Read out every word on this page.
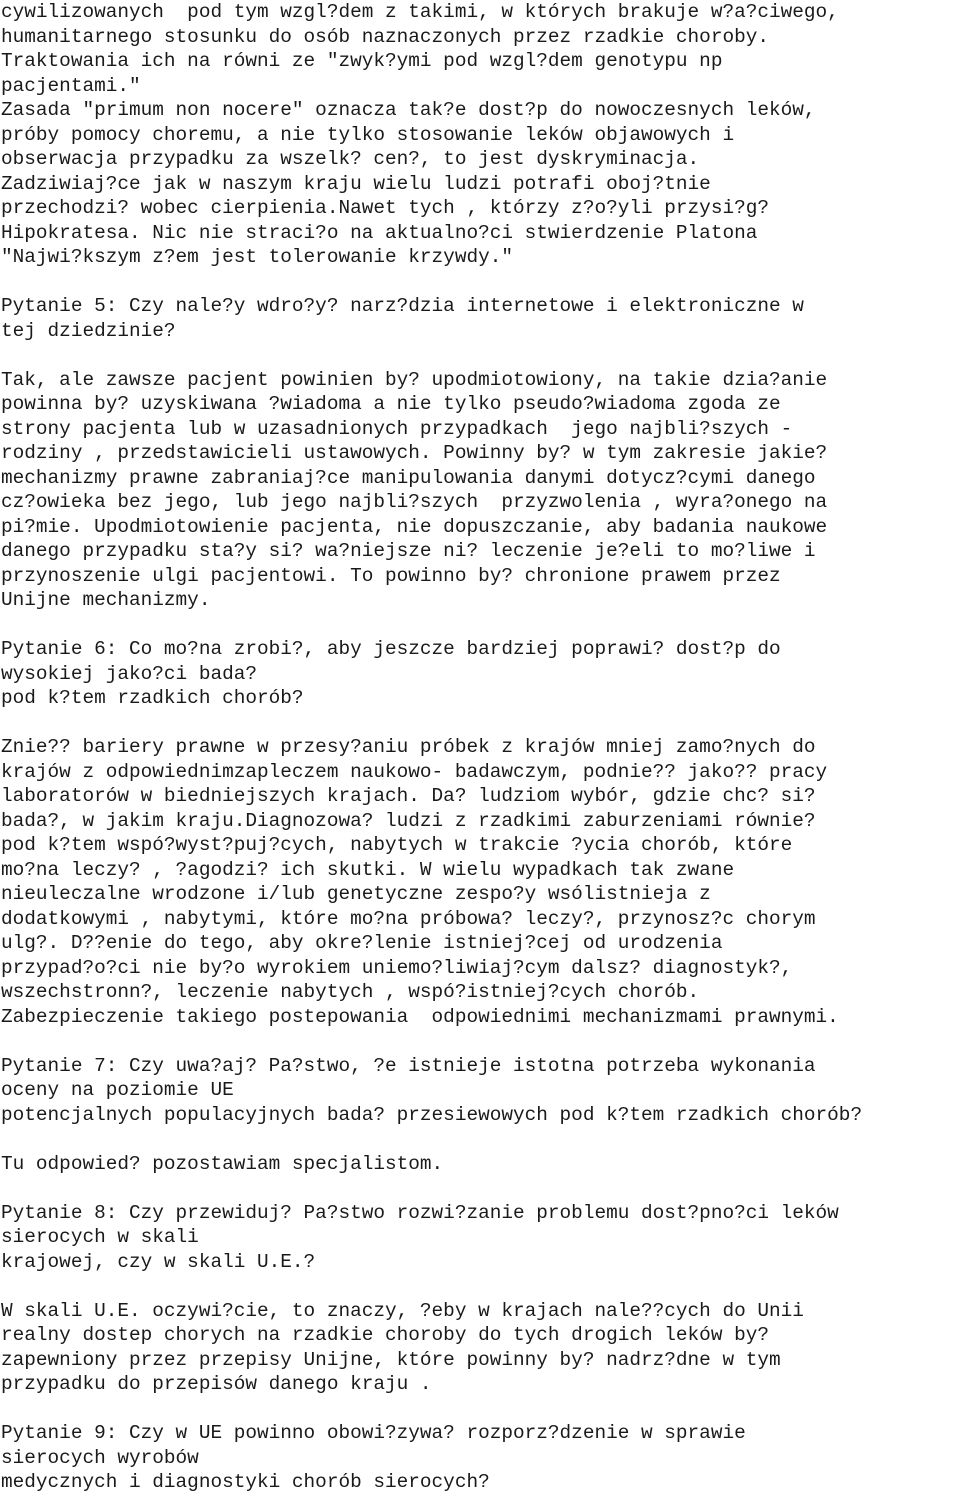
cywilizowanych  pod tym wzgl?dem z takimi, w których brakuje w?a?ciwego,
humanitarnego stosunku do osób naznaczonych przez rzadkie choroby.
Traktowania ich na równi ze "zwyk?ymi pod wzgl?dem genotypu np
pacjentami."
Zasada "primum non nocere" oznacza tak?e dost?p do nowoczesnych leków,
próby pomocy choremu, a nie tylko stosowanie leków objawowych i
obserwacja przypadku za wszelk? cen?, to jest dyskryminacja.
Zadziwiaj?ce jak w naszym kraju wielu ludzi potrafi oboj?tnie
przechodzi? wobec cierpienia.Nawet tych , którzy z?o?yli przysi?g?
Hipokratesa. Nic nie straci?o na aktualno?ci stwierdzenie Platona
"Najwi?kszym z?em jest tolerowanie krzywdy."
Pytanie 5: Czy nale?y wdro?y? narz?dzia internetowe i elektroniczne w
tej dziedzinie?
Tak, ale zawsze pacjent powinien by? upodmiotowiony, na takie dzia?anie
powinna by? uzyskiwana ?wiadoma a nie tylko pseudo?wiadoma zgoda ze
strony pacjenta lub w uzasadnionych przypadkach  jego najbli?szych -
rodziny , przedstawicieli ustawowych. Powinny by? w tym zakresie jakie?
mechanizmy prawne zabraniaj?ce manipulowania danymi dotycz?cymi danego
cz?owieka bez jego, lub jego najbli?szych  przyzwolenia , wyra?onego na
pi?mie. Upodmiotowienie pacjenta, nie dopuszczanie, aby badania naukowe
danego przypadku sta?y si? wa?niejsze ni? leczenie je?eli to mo?liwe i
przynoszenie ulgi pacjentowi. To powinno by? chronione prawem przez
Unijne mechanizmy.
Pytanie 6: Co mo?na zrobi?, aby jeszcze bardziej poprawi? dost?p do
wysokiej jako?ci bada?
pod k?tem rzadkich chorób?
Znie?? bariery prawne w przesy?aniu próbek z krajów mniej zamo?nych do
krajów z odpowiednimzapleczem naukowo- badawczym, podnie?? jako?? pracy
laboratorów w biedniejszych krajach. Da? ludziom wybór, gdzie chc? si?
bada?, w jakim kraju.Diagnozowa? ludzi z rzadkimi zaburzeniami równie?
pod k?tem wspó?wyst?puj?cych, nabytych w trakcie ?ycia chorób, które
mo?na leczy? , ?agodzi? ich skutki. W wielu wypadkach tak zwane
nieuleczalne wrodzone i/lub genetyczne zespo?y wsólistnieja z
dodatkowymi , nabytymi, które mo?na próbowa? leczy?, przynosz?c chorym
ulg?. D??enie do tego, aby okre?lenie istniej?cej od urodzenia
przypad?o?ci nie by?o wyrokiem uniemo?liwiaj?cym dalsz? diagnostyk?,
wszechstronn?, leczenie nabytych , wspó?istniej?cych chorób.
Zabezpieczenie takiego postepowania  odpowiednimi mechanizmami prawnymi.
Pytanie 7: Czy uwa?aj? Pa?stwo, ?e istnieje istotna potrzeba wykonania
oceny na poziomie UE
potencjalnych populacyjnych bada? przesiewowych pod k?tem rzadkich chorób?
Tu odpowied? pozostawiam specjalistom.
Pytanie 8: Czy przewiduj? Pa?stwo rozwi?zanie problemu dost?pno?ci leków
sierocych w skali
krajowej, czy w skali U.E.?
W skali U.E. oczywi?cie, to znaczy, ?eby w krajach nale??cych do Unii
realny dostep chorych na rzadkie choroby do tych drogich leków by?
zapewniony przez przepisy Unijne, które powinny by? nadrz?dne w tym
przypadku do przepisów danego kraju .
Pytanie 9: Czy w UE powinno obowi?zywa? rozporz?dzenie w sprawie
sierocych wyrobów
medycznych i diagnostyki chorób sierocych?
